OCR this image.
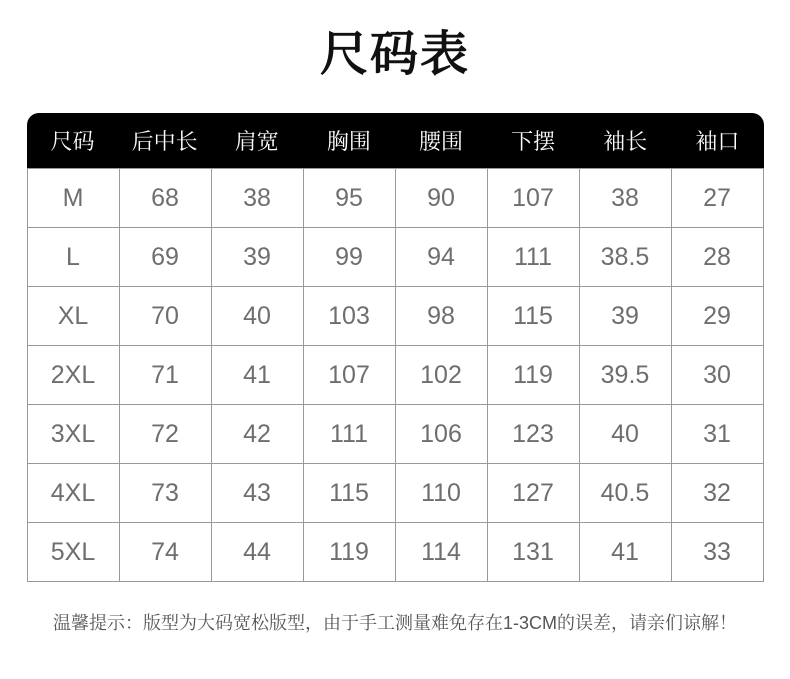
尺码表
尺码	后中长	肩宽	胸围	腰围	下摆	袖长	袖口
M	68	38	95	90	107	38	27
L	69	39	99	94	111	38.5	28
XL	70	40	103	98	115	39	29
2XL	71	41	107	102	119	39.5	30
3XL	72	42	111	106	123	40	31
4XL	73	43	115	110	127	40.5	32
5XL	74	44	119	114	131	41	33
温馨提示：版型为大码宽松版型，由于手工测量难免存在1-3CM的误差，请亲们谅解！
